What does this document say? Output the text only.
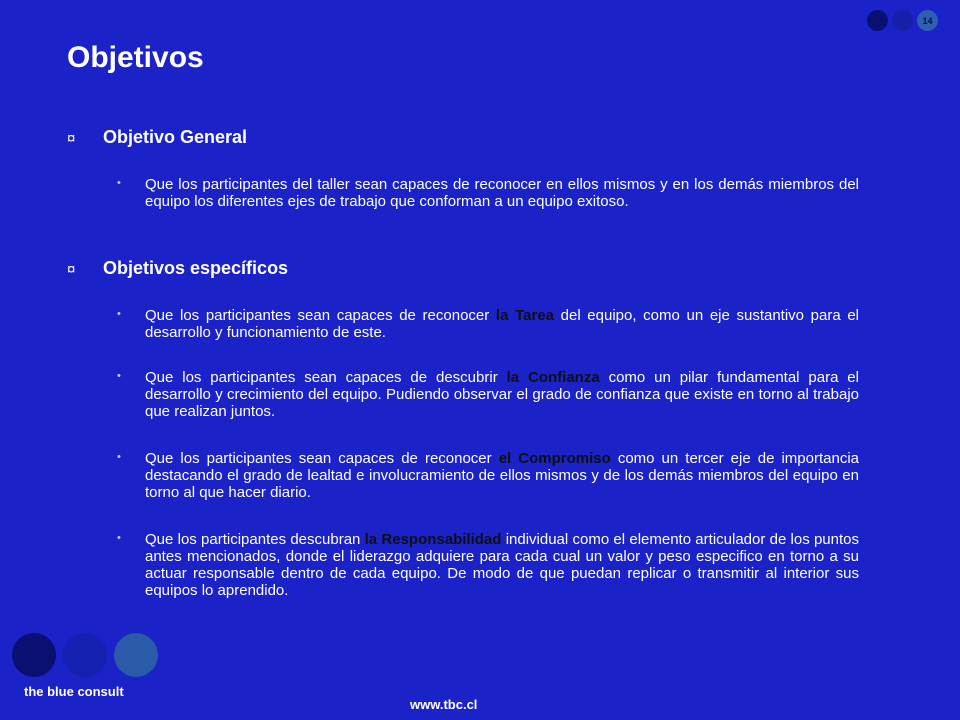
14
Objetivos
¤ Objetivo General
• Que los participantes del taller sean capaces de reconocer en ellos mismos y en los demás miembros del equipo los diferentes ejes de trabajo que conforman a un equipo exitoso.
¤ Objetivos específicos
• Que los participantes sean capaces de reconocer la Tarea del equipo, como un eje sustantivo para el desarrollo y funcionamiento de este.
• Que los participantes sean capaces de descubrir la Confianza como un pilar fundamental para el desarrollo y crecimiento del equipo. Pudiendo observar el grado de confianza que existe en torno al trabajo que realizan juntos.
• Que los participantes sean capaces de reconocer el Compromiso como un tercer eje de importancia destacando el grado de lealtad e involucramiento de ellos mismos y de los demás miembros del equipo en torno al que hacer diario.
• Que los participantes descubran la Responsabilidad individual como el elemento articulador de los puntos antes mencionados, donde el liderazgo adquiere para cada cual un valor y peso especifico en torno a su actuar responsable dentro de cada equipo. De modo de que puedan replicar o transmitir al interior sus equipos lo aprendido.
the blue consult
www.tbc.cl
